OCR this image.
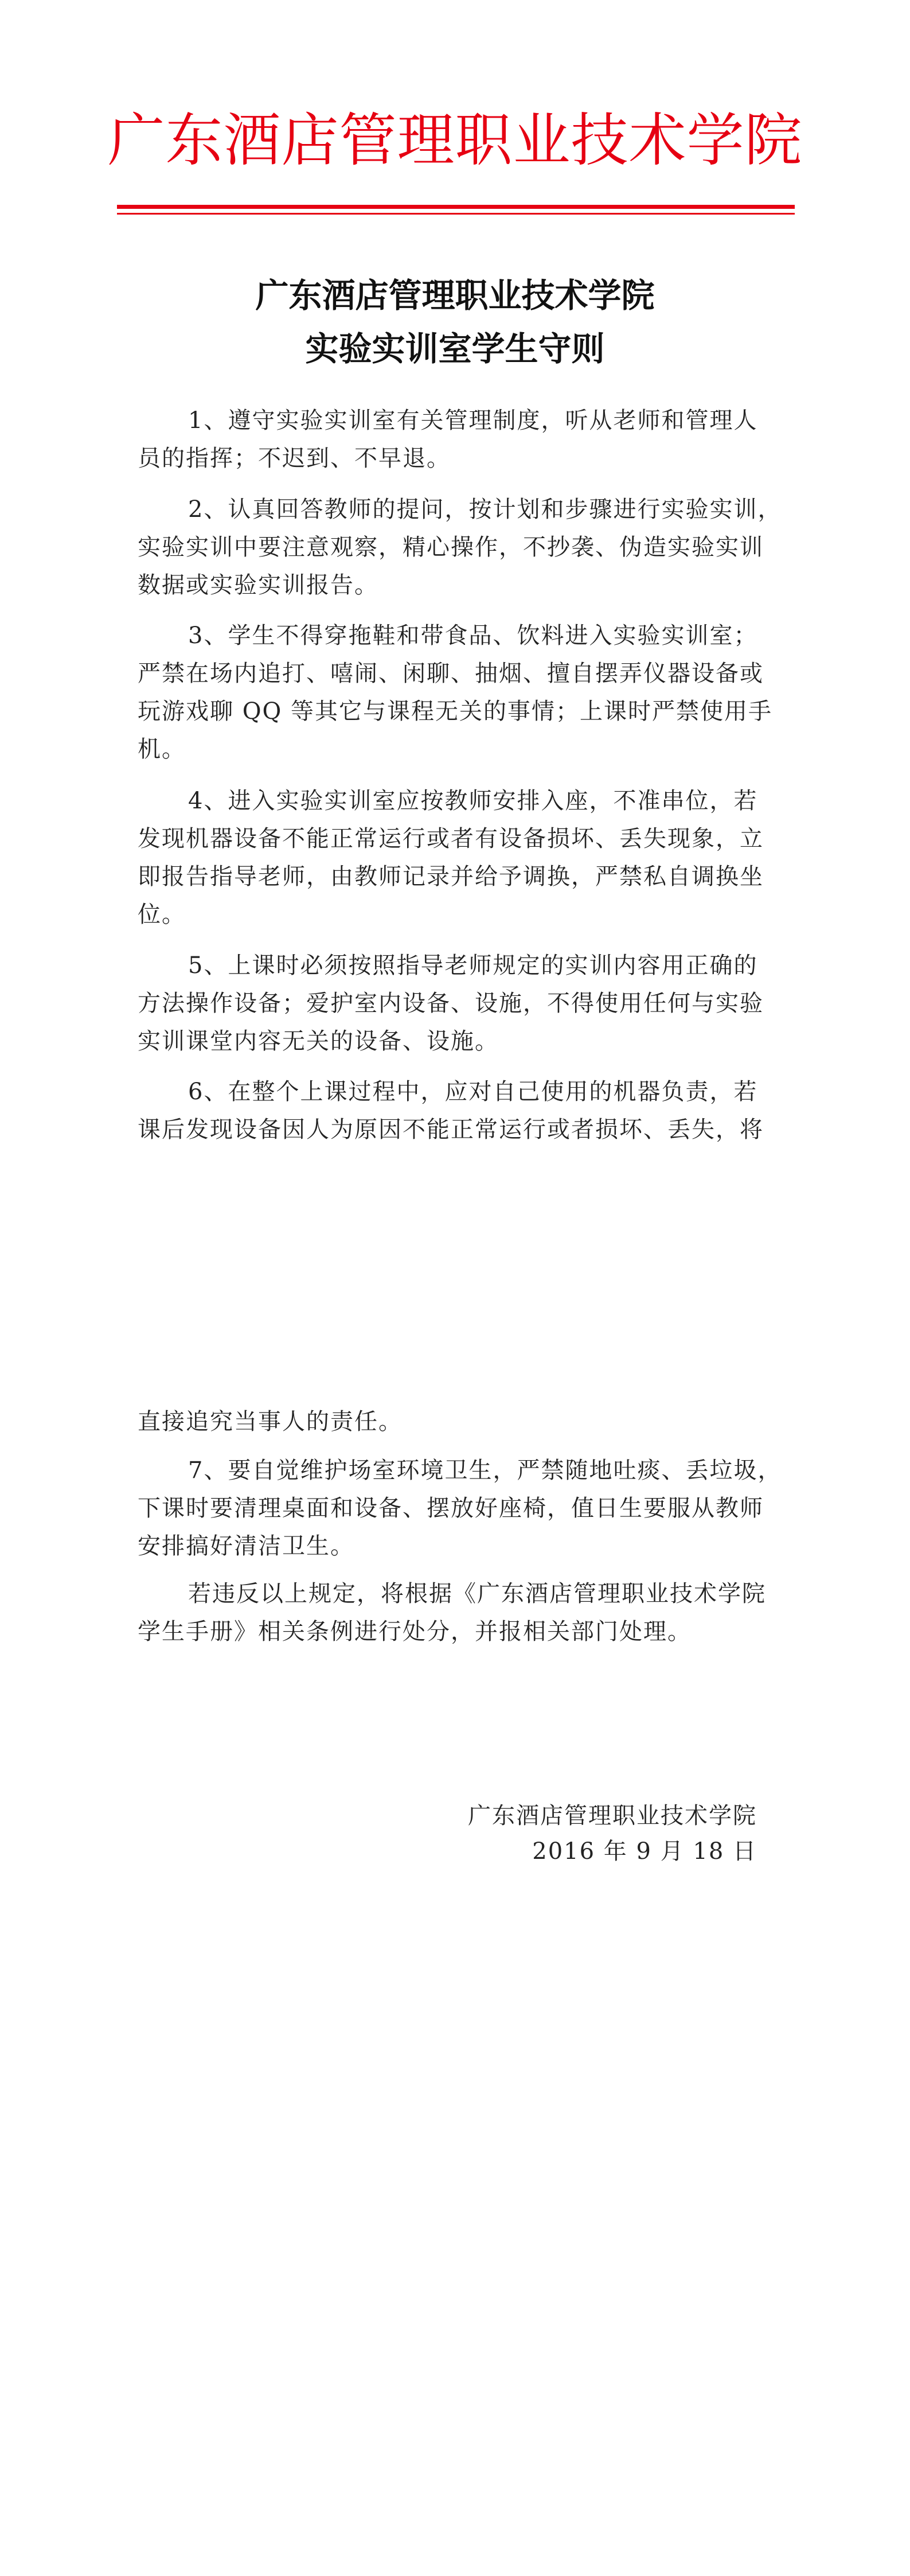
广东酒店管理职业技术学院
广东酒店管理职业技术学院
实验实训室学生守则
1、遵守实验实训室有关管理制度，听从老师和管理人
员的指挥；不迟到、不早退。
2、认真回答教师的提问，按计划和步骤进行实验实训，
实验实训中要注意观察，精心操作，不抄袭、伪造实验实训
数据或实验实训报告。
3、学生不得穿拖鞋和带食品、饮料进入实验实训室；
严禁在场内追打、嘻闹、闲聊、抽烟、擅自摆弄仪器设备或
玩游戏聊 QQ 等其它与课程无关的事情；上课时严禁使用手
机。
4、进入实验实训室应按教师安排入座，不准串位，若
发现机器设备不能正常运行或者有设备损坏、丢失现象，立
即报告指导老师，由教师记录并给予调换，严禁私自调换坐
位。
5、上课时必须按照指导老师规定的实训内容用正确的
方法操作设备；爱护室内设备、设施，不得使用任何与实验
实训课堂内容无关的设备、设施。
6、在整个上课过程中，应对自己使用的机器负责，若
课后发现设备因人为原因不能正常运行或者损坏、丢失，将
直接追究当事人的责任。
7、要自觉维护场室环境卫生，严禁随地吐痰、丢垃圾，
下课时要清理桌面和设备、摆放好座椅，值日生要服从教师
安排搞好清洁卫生。
若违反以上规定，将根据《广东酒店管理职业技术学院
学生手册》相关条例进行处分，并报相关部门处理。
广东酒店管理职业技术学院
2016 年 9 月 18 日
